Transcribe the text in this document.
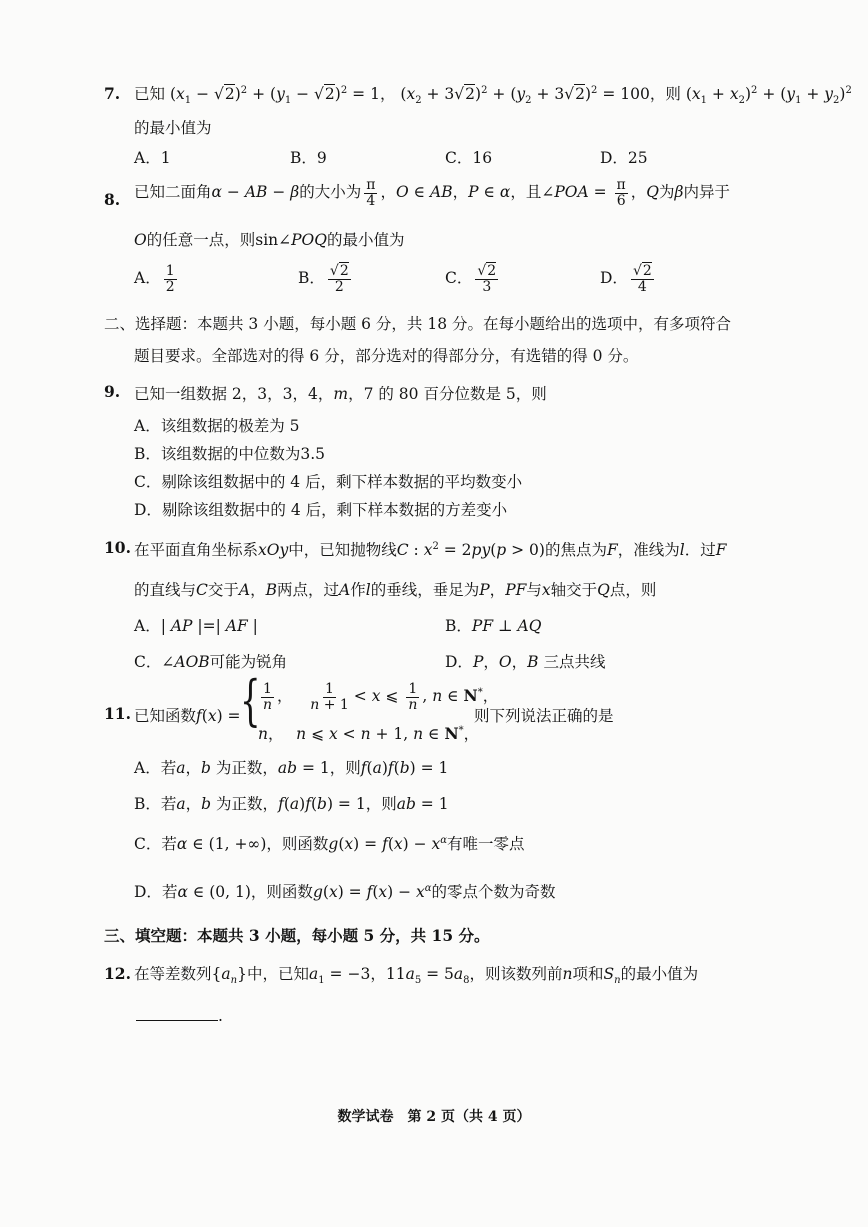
7. 已知 $(x_1 - √2)^2 + (y_1 - √2)^2 = 1$， $(x_2 + 3√2)^2 + (y_2 + 3√2)^2 = 100$，则 $(x_1 + x_2)^2 + (y_1 + y_2)^2$
的最小值为
A．1	B．9	C．16	D．25
8. 已知二面角α − AB − β的大小为 $\frac{\pi}{4}$ ，O ∈ AB，P ∈ α，且∠POA = $\frac{\pi}{6}$ ，Q为β内异于
O的任意一点，则sin∠POQ的最小值为
A． $\frac{1}{2}$	B． $\frac{√2}{2}$	C． $\frac{√2}{3}$	D． $\frac{√2}{4}$
二、选择题：本题共 3 小题，每小题 6 分，共 18 分。在每小题给出的选项中，有多项符合
题目要求。全部选对的得 6 分，部分选对的得部分分，有选错的得 0 分。
9. 已知一组数据 2，3，3，4，m，7 的 80 百分位数是 5，则
A．该组数据的极差为 5
B．该组数据的中位数为3.5
C．剔除该组数据中的 4 后，剩下样本数据的平均数变小
D．剔除该组数据中的 4 后，剩下样本数据的方差变小
10. 在平面直角坐标系xOy中，已知抛物线C : $x^2 = 2py(p > 0)$的焦点为F，准线为l．过F
的直线与C交于A，B两点，过A作l的垂线，垂足为P，PF与x轴交于Q点，则
A．| AP |=| AF |	B．PF ⊥ AQ
C．∠AOB可能为锐角	D．P，O，B 三点共线
11. 已知函数f(x) = { $\frac{1}{n}$ ，　 $\frac{1}{n + 1} < x$ ⩽ $\frac{1}{n}$ , n ∈ N*，
n，　 n ⩽ x < n + 1, n ∈ N*，
则下列说法正确的是
A．若a，b 为正数，ab = 1，则f(a)f(b) = 1
B．若a，b 为正数，f(a)f(b) = 1，则ab = 1
C．若α ∈ (1, +∞)，则函数$g(x) = f(x) - x^\alpha$有唯一零点
D．若α ∈ (0, 1)，则函数$g(x) = f(x) - x^\alpha$的零点个数为奇数
三、填空题：本题共 3 小题，每小题 5 分，共 15 分。
12. 在等差数列$\{a_n\}$中，已知$a_1 = -3$，$11a_5 = 5a_8$，则该数列前n项和$S_n$的最小值为
.
数学试卷　第 2 页（共 4 页）
